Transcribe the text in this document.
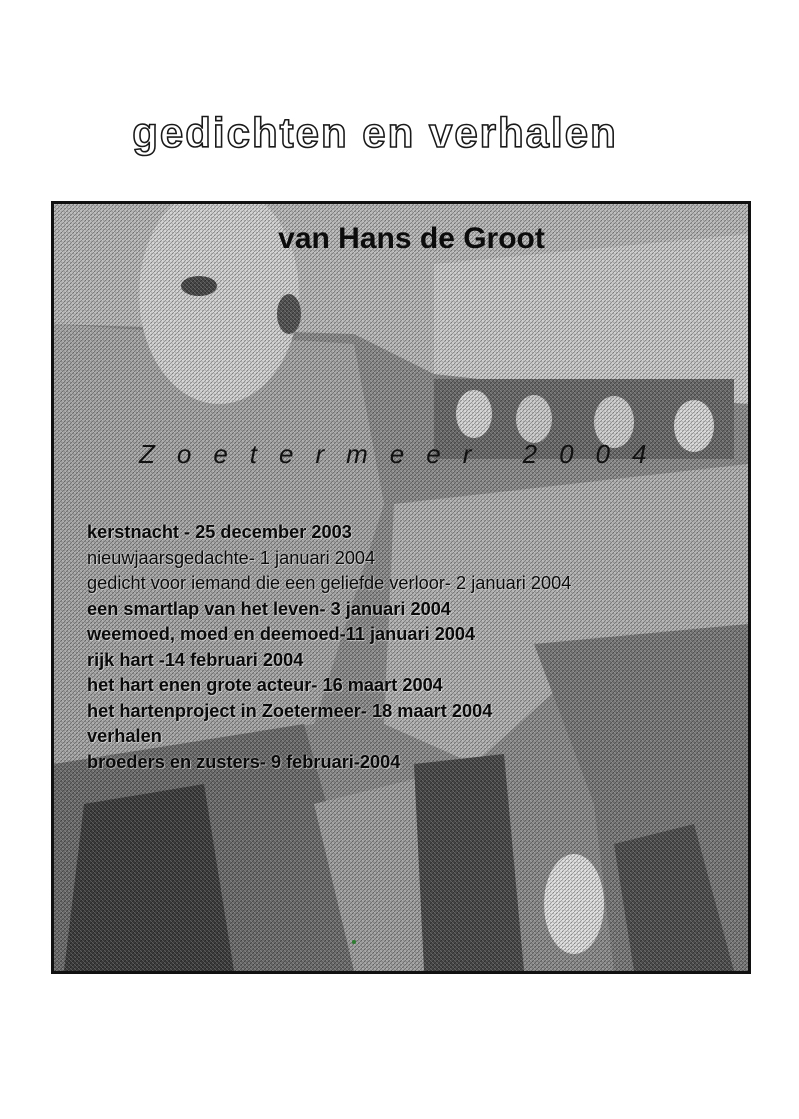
gedichten en verhalen
van Hans de Groot
Zoetermeer 2004
kerstnacht - 25 december 2003
nieuwjaarsgedachte- 1 januari 2004
gedicht voor iemand die een geliefde verloor- 2 januari 2004
een smartlap van het leven- 3 januari 2004
weemoed, moed en deemoed-11 januari 2004
rijk hart -14 februari 2004
het hart enen grote acteur- 16 maart 2004
het hartenproject in Zoetermeer- 18 maart 2004
verhalen
broeders en zusters- 9 februari-2004
